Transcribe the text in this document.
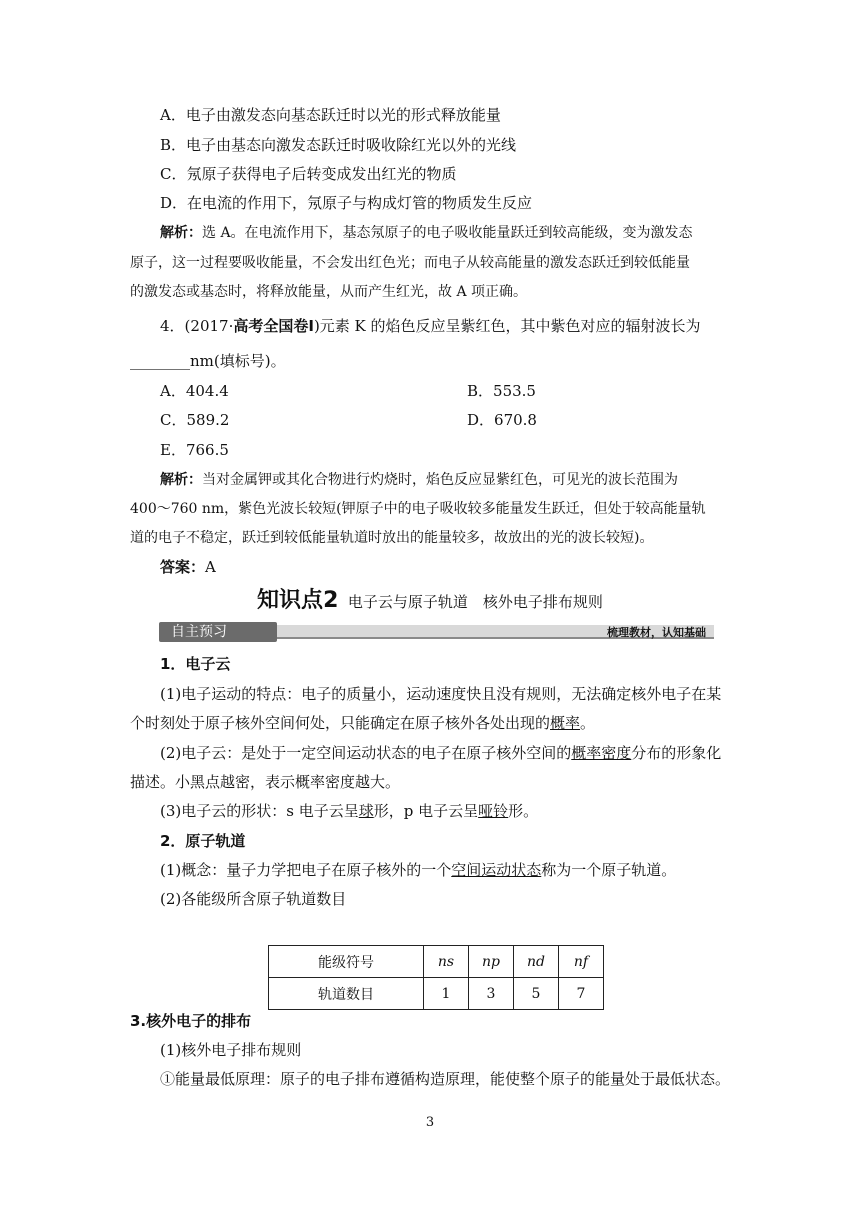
A．电子由激发态向基态跃迁时以光的形式释放能量
B．电子由基态向激发态跃迁时吸收除红光以外的光线
C．氖原子获得电子后转变成发出红光的物质
D．在电流的作用下，氖原子与构成灯管的物质发生反应
解析：选 A。在电流作用下，基态氖原子的电子吸收能量跃迁到较高能级，变为激发态
原子，这一过程要吸收能量，不会发出红色光；而电子从较高能量的激发态跃迁到较低能量
的激发态或基态时，将释放能量，从而产生红光，故 A 项正确。
4．(2017·高考全国卷Ⅰ)元素 K 的焰色反应呈紫红色，其中紫色对应的辐射波长为
________nm(填标号)。
A．404.4	B．553.5
C．589.2	D．670.8
E．766.5
解析：当对金属钾或其化合物进行灼烧时，焰色反应显紫红色，可见光的波长范围为
400～760 nm，紫色光波长较短(钾原子中的电子吸收较多能量发生跃迁，但处于较高能量轨
道的电子不稳定，跃迁到较低能量轨道时放出的能量较多，故放出的光的波长较短)。
答案：A
知识点2 电子云与原子轨道　核外电子排布规则
自主预习	梳理教材，认知基础
1．电子云
(1)电子运动的特点：电子的质量小，运动速度快且没有规则，无法确定核外电子在某
个时刻处于原子核外空间何处，只能确定在原子核外各处出现的概率。
(2)电子云：是处于一定空间运动状态的电子在原子核外空间的概率密度分布的形象化
描述。小黑点越密，表示概率密度越大。
(3)电子云的形状：s 电子云呈球形，p 电子云呈哑铃形。
2．原子轨道
(1)概念：量子力学把电子在原子核外的一个空间运动状态称为一个原子轨道。
(2)各能级所含原子轨道数目
能级符号	ns	np	nd	nf
轨道数目	1	3	5	7
3.核外电子的排布
(1)核外电子排布规则
①能量最低原理：原子的电子排布遵循构造原理，能使整个原子的能量处于最低状态。
3
